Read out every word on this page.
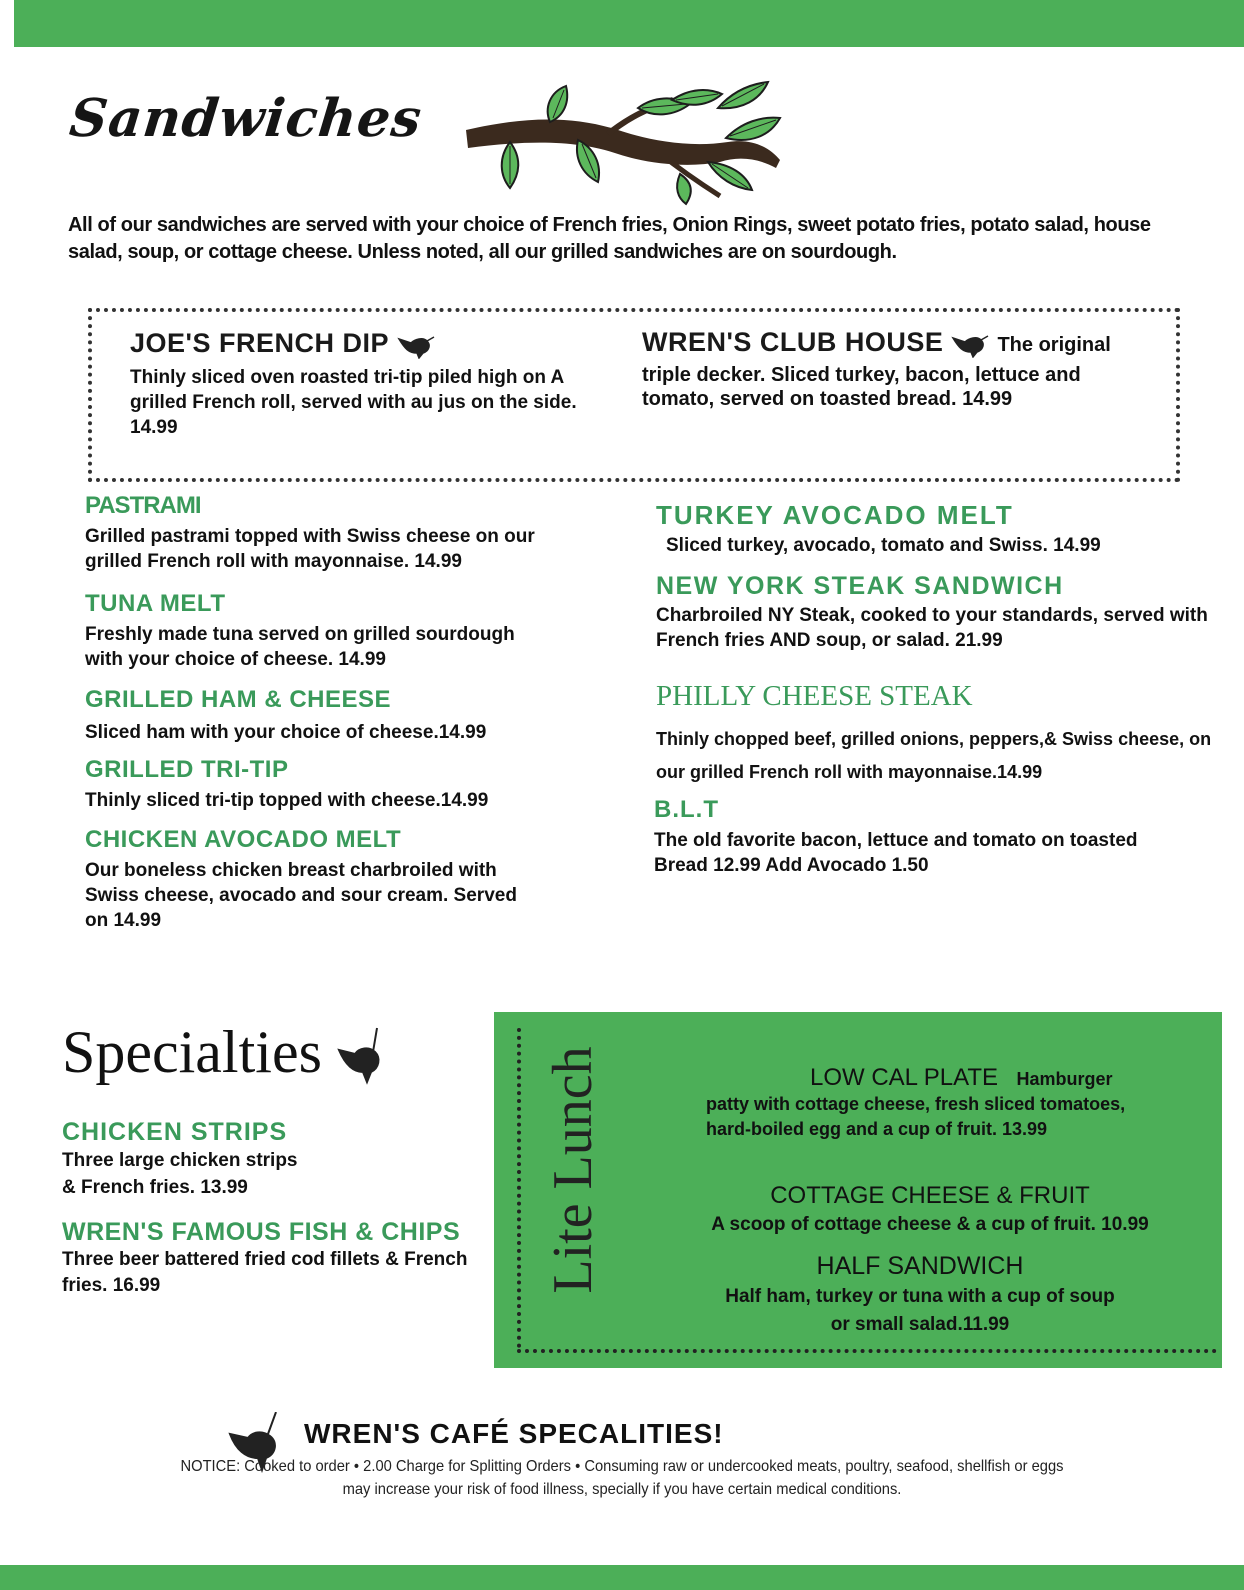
Sandwiches
All of our sandwiches are served with your choice of French fries, Onion Rings, sweet potato fries, potato salad, house salad, soup, or cottage cheese. Unless noted, all our grilled sandwiches are on sourdough.
JOE'S FRENCH DIP
Thinly sliced oven roasted tri-tip piled high on A grilled French roll, served with au jus on the side. 14.99
WREN'S CLUB HOUSE	The original
triple decker. Sliced turkey, bacon, lettuce and tomato, served on toasted bread. 14.99
PASTRAMI
Grilled pastrami topped with Swiss cheese on our grilled French roll with mayonnaise. 14.99
TUNA MELT
Freshly made tuna served on grilled sourdough with your choice of cheese. 14.99
GRILLED HAM & CHEESE
Sliced ham with your choice of cheese.14.99
GRILLED TRI-TIP
Thinly sliced tri-tip topped with cheese.14.99
CHICKEN AVOCADO MELT
Our boneless chicken breast charbroiled with Swiss cheese, avocado and sour cream. Served on 14.99
TURKEY AVOCADO MELT
Sliced turkey, avocado, tomato and Swiss. 14.99
NEW YORK STEAK SANDWICH
Charbroiled NY Steak, cooked to your standards, served with French fries AND soup, or salad. 21.99
PHILLY CHEESE STEAK
Thinly chopped beef, grilled onions, peppers,& Swiss cheese, on our grilled French roll with mayonnaise.14.99
B.L.T
The old favorite bacon, lettuce and tomato on toasted Bread 12.99 Add Avocado 1.50
Specialties
CHICKEN STRIPS
Three large chicken strips & French fries. 13.99
WREN'S FAMOUS FISH & CHIPS
Three beer battered fried cod fillets & French fries. 16.99	Lite Lunch	LOW CAL PLATE Hamburger
patty with cottage cheese, fresh sliced tomatoes, hard-boiled egg and a cup of fruit. 13.99
COTTAGE CHEESE & FRUIT
A scoop of cottage cheese & a cup of fruit. 10.99
HALF SANDWICH
Half ham, turkey or tuna with a cup of soup or small salad.11.99
WREN'S CAFÉ SPECALITIES!
NOTICE: Cooked to order • 2.00 Charge for Splitting Orders • Consuming raw or undercooked meats, poultry, seafood, shellfish or eggs may increase your risk of food illness, specially if you have certain medical conditions.
